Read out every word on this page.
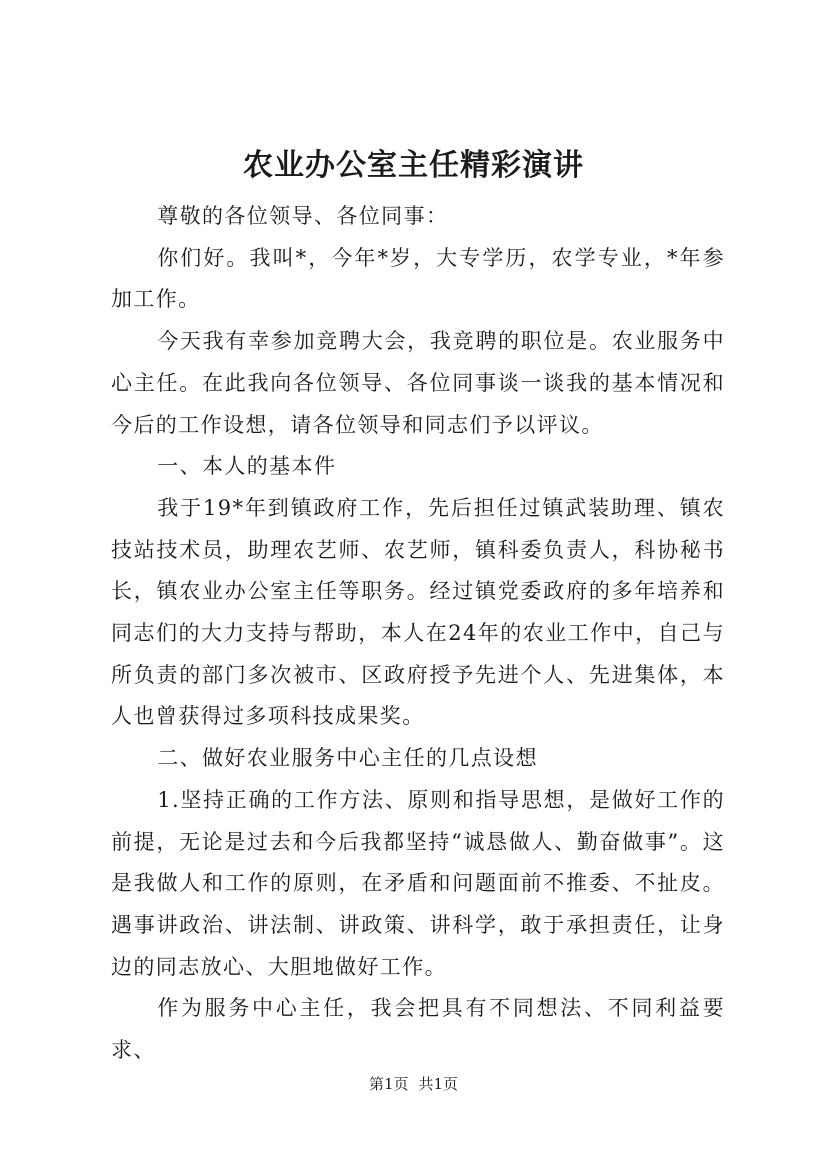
农业办公室主任精彩演讲

尊敬的各位领导、各位同事：

你们好。我叫*，今年*岁，大专学历，农学专业，*年参加工作。

今天我有幸参加竞聘大会，我竞聘的职位是。农业服务中心主任。在此我向各位领导、各位同事谈一谈我的基本情况和今后的工作设想，请各位领导和同志们予以评议。

一、本人的基本件

我于19*年到镇政府工作，先后担任过镇武装助理、镇农技站技术员，助理农艺师、农艺师，镇科委负责人，科协秘书长，镇农业办公室主任等职务。经过镇党委政府的多年培养和同志们的大力支持与帮助，本人在24年的农业工作中，自己与所负责的部门多次被市、区政府授予先进个人、先进集体，本人也曾获得过多项科技成果奖。

二、做好农业服务中心主任的几点设想

1.坚持正确的工作方法、原则和指导思想，是做好工作的前提，无论是过去和今后我都坚持“诚恳做人、勤奋做事”。这是我做人和工作的原则，在矛盾和问题面前不推委、不扯皮。遇事讲政治、讲法制、讲政策、讲科学，敢于承担责任，让身边的同志放心、大胆地做好工作。

作为服务中心主任，我会把具有不同想法、不同利益要求、

第1页 共1页
